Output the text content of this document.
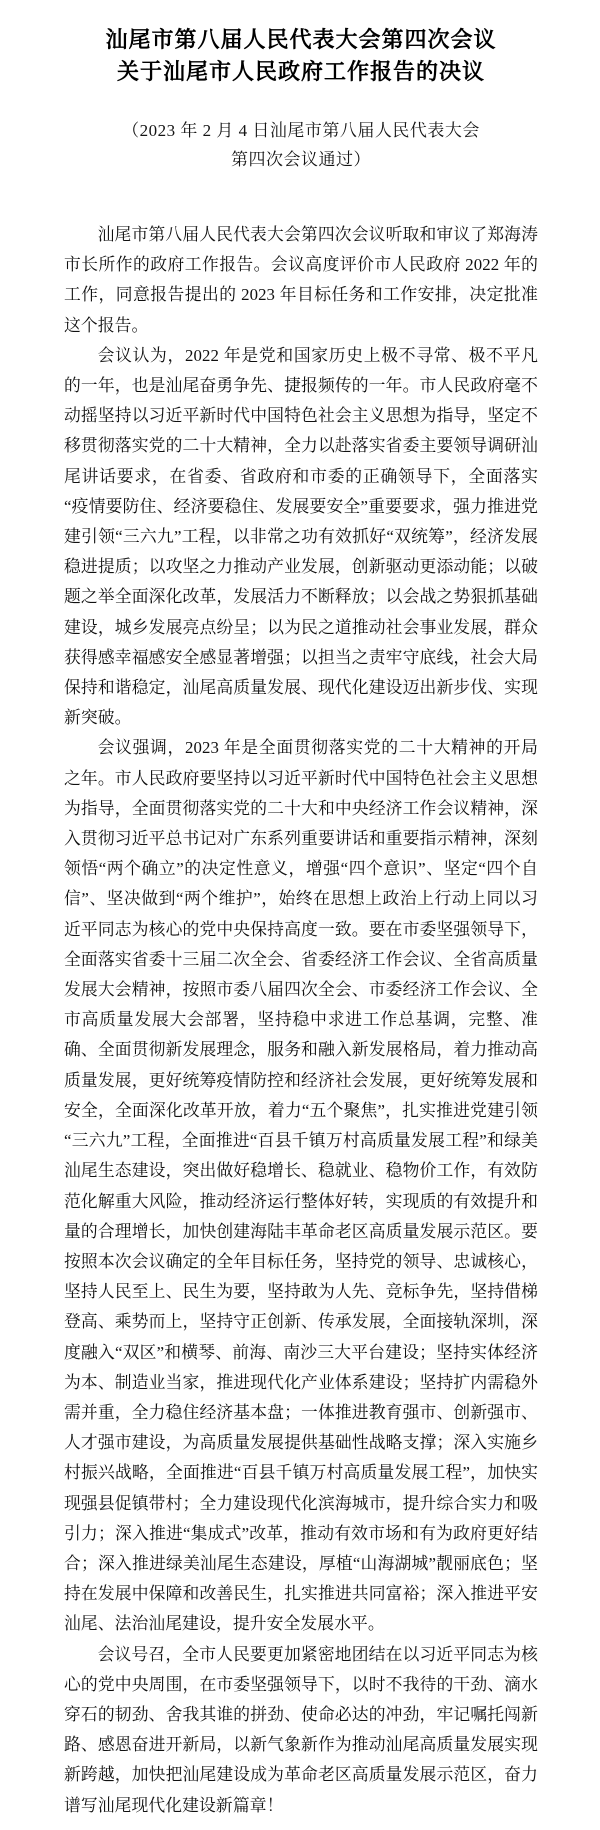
汕尾市第八届人民代表大会第四次会议
关于汕尾市人民政府工作报告的决议
（2023 年 2 月 4 日汕尾市第八届人民代表大会
第四次会议通过）

汕尾市第八届人民代表大会第四次会议听取和审议了郑海涛市长所作的政府工作报告。会议高度评价市人民政府 2022 年的工作，同意报告提出的 2023 年目标任务和工作安排，决定批准这个报告。

会议认为，2022 年是党和国家历史上极不寻常、极不平凡的一年，也是汕尾奋勇争先、捷报频传的一年。市人民政府毫不动摇坚持以习近平新时代中国特色社会主义思想为指导，坚定不移贯彻落实党的二十大精神，全力以赴落实省委主要领导调研汕尾讲话要求，在省委、省政府和市委的正确领导下，全面落实“疫情要防住、经济要稳住、发展要安全”重要要求，强力推进党建引领“三六九”工程，以非常之功有效抓好“双统筹”，经济发展稳进提质；以攻坚之力推动产业发展，创新驱动更添动能；以破题之举全面深化改革，发展活力不断释放；以会战之势狠抓基础建设，城乡发展亮点纷呈；以为民之道推动社会事业发展，群众获得感幸福感安全感显著增强；以担当之责牢守底线，社会大局保持和谐稳定，汕尾高质量发展、现代化建设迈出新步伐、实现新突破。

会议强调，2023 年是全面贯彻落实党的二十大精神的开局之年。市人民政府要坚持以习近平新时代中国特色社会主义思想为指导，全面贯彻落实党的二十大和中央经济工作会议精神，深入贯彻习近平总书记对广东系列重要讲话和重要指示精神，深刻领悟“两个确立”的决定性意义，增强“四个意识”、坚定“四个自信”、坚决做到“两个维护”，始终在思想上政治上行动上同以习近平同志为核心的党中央保持高度一致。要在市委坚强领导下，全面落实省委十三届二次全会、省委经济工作会议、全省高质量发展大会精神，按照市委八届四次全会、市委经济工作会议、全市高质量发展大会部署，坚持稳中求进工作总基调，完整、准确、全面贯彻新发展理念，服务和融入新发展格局，着力推动高质量发展，更好统筹疫情防控和经济社会发展，更好统筹发展和安全，全面深化改革开放，着力“五个聚焦”，扎实推进党建引领“三六九”工程，全面推进“百县千镇万村高质量发展工程”和绿美汕尾生态建设，突出做好稳增长、稳就业、稳物价工作，有效防范化解重大风险，推动经济运行整体好转，实现质的有效提升和量的合理增长，加快创建海陆丰革命老区高质量发展示范区。要按照本次会议确定的全年目标任务，坚持党的领导、忠诚核心，坚持人民至上、民生为要，坚持敢为人先、竞标争先，坚持借梯登高、乘势而上，坚持守正创新、传承发展，全面接轨深圳，深度融入“双区”和横琴、前海、南沙三大平台建设；坚持实体经济为本、制造业当家，推进现代化产业体系建设；坚持扩内需稳外需并重，全力稳住经济基本盘；一体推进教育强市、创新强市、人才强市建设，为高质量发展提供基础性战略支撑；深入实施乡村振兴战略，全面推进“百县千镇万村高质量发展工程”，加快实现强县促镇带村；全力建设现代化滨海城市，提升综合实力和吸引力；深入推进“集成式”改革，推动有效市场和有为政府更好结合；深入推进绿美汕尾生态建设，厚植“山海湖城”靓丽底色；坚持在发展中保障和改善民生，扎实推进共同富裕；深入推进平安汕尾、法治汕尾建设，提升安全发展水平。

会议号召，全市人民要更加紧密地团结在以习近平同志为核心的党中央周围，在市委坚强领导下，以时不我待的干劲、滴水穿石的韧劲、舍我其谁的拼劲、使命必达的冲劲，牢记嘱托闯新路、感恩奋进开新局，以新气象新作为推动汕尾高质量发展实现新跨越，加快把汕尾建设成为革命老区高质量发展示范区，奋力谱写汕尾现代化建设新篇章！
